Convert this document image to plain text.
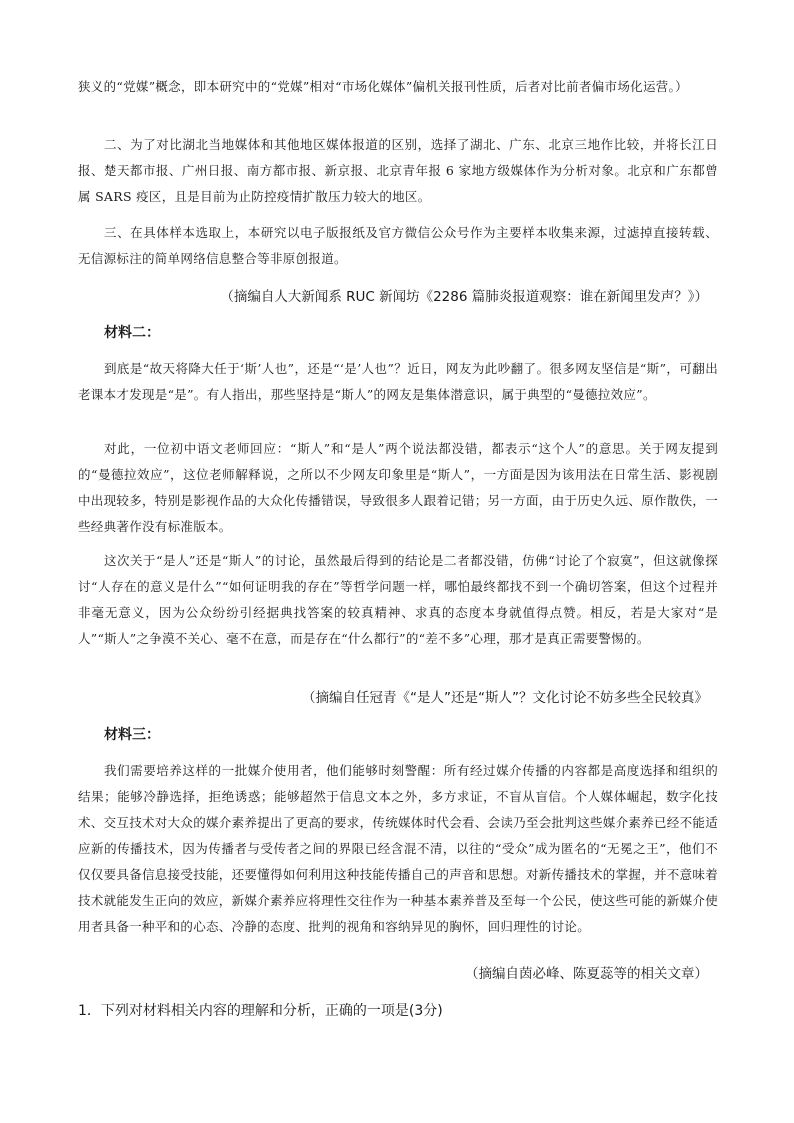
狭义的“党媒”概念，即本研究中的“党媒”相对“市场化媒体”偏机关报刊性质，后者对比前者偏市场化运营。）

二、为了对比湖北当地媒体和其他地区媒体报道的区别，选择了湖北、广东、北京三地作比较，并将长江日报、楚天都市报、广州日报、南方都市报、新京报、北京青年报 6 家地方级媒体作为分析对象。北京和广东都曾属 SARS 疫区，且是目前为止防控疫情扩散压力较大的地区。

三、在具体样本选取上，本研究以电子版报纸及官方微信公众号作为主要样本收集来源，过滤掉直接转载、无信源标注的简单网络信息整合等非原创报道。

（摘编自人大新闻系 RUC 新闻坊《2286 篇肺炎报道观察：谁在新闻里发声？》）

材料二：

到底是“故天将降大任于‘斯’人也”，还是“‘是’人也”？近日，网友为此吵翻了。很多网友坚信是“斯”，可翻出老课本才发现是“是”。有人指出，那些坚持是“斯人”的网友是集体潜意识，属于典型的“曼德拉效应”。

对此，一位初中语文老师回应：“斯人”和“是人”两个说法都没错，都表示“这个人”的意思。关于网友提到的“曼德拉效应”，这位老师解释说，之所以不少网友印象里是“斯人”，一方面是因为该用法在日常生活、影视剧中出现较多，特别是影视作品的大众化传播错误，导致很多人跟着记错；另一方面，由于历史久远、原作散佚，一些经典著作没有标准版本。

这次关于“是人”还是“斯人”的讨论，虽然最后得到的结论是二者都没错，仿佛“讨论了个寂寞”，但这就像探讨“人存在的意义是什么”“如何证明我的存在”等哲学问题一样，哪怕最终都找不到一个确切答案，但这个过程并非毫无意义，因为公众纷纷引经据典找答案的较真精神、求真的态度本身就值得点赞。相反，若是大家对“是人”“斯人”之争漠不关心、毫不在意，而是存在“什么都行”的“差不多”心理，那才是真正需要警惕的。

（摘编自任冠青《“是人”还是“斯人”？文化讨论不妨多些全民较真》

材料三：

我们需要培养这样的一批媒介使用者，他们能够时刻警醒：所有经过媒介传播的内容都是高度选择和组织的结果；能够冷静选择，拒绝诱惑；能够超然于信息文本之外，多方求证，不盲从盲信。个人媒体崛起，数字化技术、交互技术对大众的媒介素养提出了更高的要求，传统媒体时代会看、会读乃至会批判这些媒介素养已经不能适应新的传播技术，因为传播者与受传者之间的界限已经含混不清，以往的“受众”成为匿名的“无冕之王”，他们不仅仅要具备信息接受技能，还要懂得如何利用这种技能传播自己的声音和思想。对新传播技术的掌握，并不意味着技术就能发生正向的效应，新媒介素养应将理性交往作为一种基本素养普及至每一个公民，使这些可能的新媒介使用者具备一种平和的心态、冷静的态度、批判的视角和容纳异见的胸怀，回归理性的讨论。

（摘编自茵必峰、陈夏蕊等的相关文章）

1．下列对材料相关内容的理解和分析，正确的一项是(3分)
